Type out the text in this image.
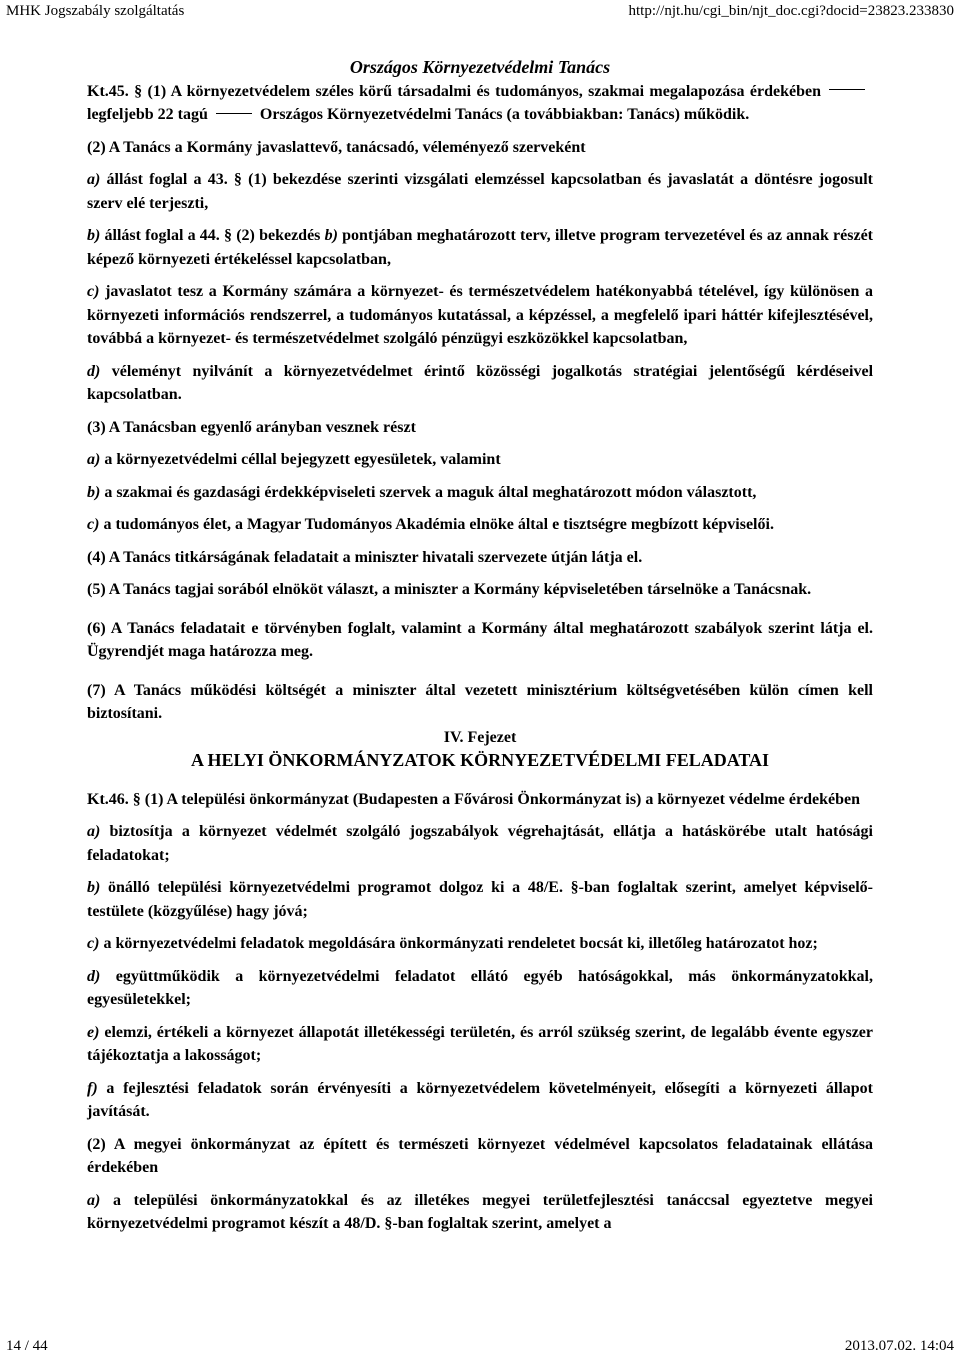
MHK Jogszabály szolgáltatás	http://njt.hu/cgi_bin/njt_doc.cgi?docid=23823.233830

Országos Környezetvédelmi Tanács

Kt.45. § (1) A környezetvédelem széles körű társadalmi és tudományos, szakmai megalapozása érdekébenlegfeljebb 22 tagú	Országos Környezetvédelmi Tanács (a továbbiakban: Tanács) működik.

(2) A Tanács a Kormány javaslattevő, tanácsadó, véleményező szerveként

a) állást foglal a 43. § (1) bekezdése szerinti vizsgálati elemzéssel kapcsolatban és javaslatát a döntésre jogosult szerv elé terjeszti,

b) állást foglal a 44. § (2) bekezdés b) pontjában meghatározott terv, illetve program tervezetével és az annak részét képező környezeti értékeléssel kapcsolatban,

c) javaslatot tesz a Kormány számára a környezet- és természetvédelem hatékonyabbá tételével, így különösen a környezeti információs rendszerrel, a tudományos kutatással, a képzéssel, a megfelelő ipari háttér kifejlesztésével, továbbá a környezet- és természetvédelmet szolgáló pénzügyi eszközökkel kapcsolatban,

d) véleményt nyilvánít a környezetvédelmet érintő közösségi jogalkotás stratégiai jelentőségű kérdéseivel kapcsolatban.

(3) A Tanácsban egyenlő arányban vesznek részt

a) a környezetvédelmi céllal bejegyzett egyesületek, valamint

b) a szakmai és gazdasági érdekképviseleti szervek a maguk által meghatározott módon választott,

c) a tudományos élet, a Magyar Tudományos Akadémia elnöke által e tisztségre megbízott képviselői.

(4) A Tanács titkárságának feladatait a miniszter hivatali szervezete útján látja el.

(5) A Tanács tagjai sorából elnököt választ, a miniszter a Kormány képviseletében társelnöke a Tanácsnak.

(6) A Tanács feladatait e törvényben foglalt, valamint a Kormány által meghatározott szabályok szerint látja el. Ügyrendjét maga határozza meg.

(7) A Tanács működési költségét a miniszter által vezetett minisztérium költségvetésében külön címen kell biztosítani.

IV. Fejezet

A HELYI ÖNKORMÁNYZATOK KÖRNYEZETVÉDELMI FELADATAI

Kt.46. § (1) A települési önkormányzat (Budapesten a Fővárosi Önkormányzat is) a környezet védelme érdekében

a) biztosítja a környezet védelmét szolgáló jogszabályok végrehajtását, ellátja a hatáskörébe utalt hatósági feladatokat;

b) önálló települési környezetvédelmi programot dolgoz ki a 48/E. §-ban foglaltak szerint, amelyet képviselő-testülete (közgyűlése) hagy jóvá;

c) a környezetvédelmi feladatok megoldására önkormányzati rendeletet bocsát ki, illetőleg határozatot hoz;

d) együttműködik a környezetvédelmi feladatot ellátó egyéb hatóságokkal, más önkormányzatokkal, egyesületekkel;

e) elemzi, értékeli a környezet állapotát illetékességi területén, és arról szükség szerint, de legalább évente egyszer tájékoztatja a lakosságot;

f) a fejlesztési feladatok során érvényesíti a környezetvédelem követelményeit, elősegíti a környezeti állapot javítását.

(2) A megyei önkormányzat az épített és természeti környezet védelmével kapcsolatos feladatainak ellátása érdekében

a) a települési önkormányzatokkal és az illetékes megyei területfejlesztési tanáccsal egyeztetve megyei környezetvédelmi programot készít a 48/D. §-ban foglaltak szerint, amelyet a

14 / 44	2013.07.02. 14:04
